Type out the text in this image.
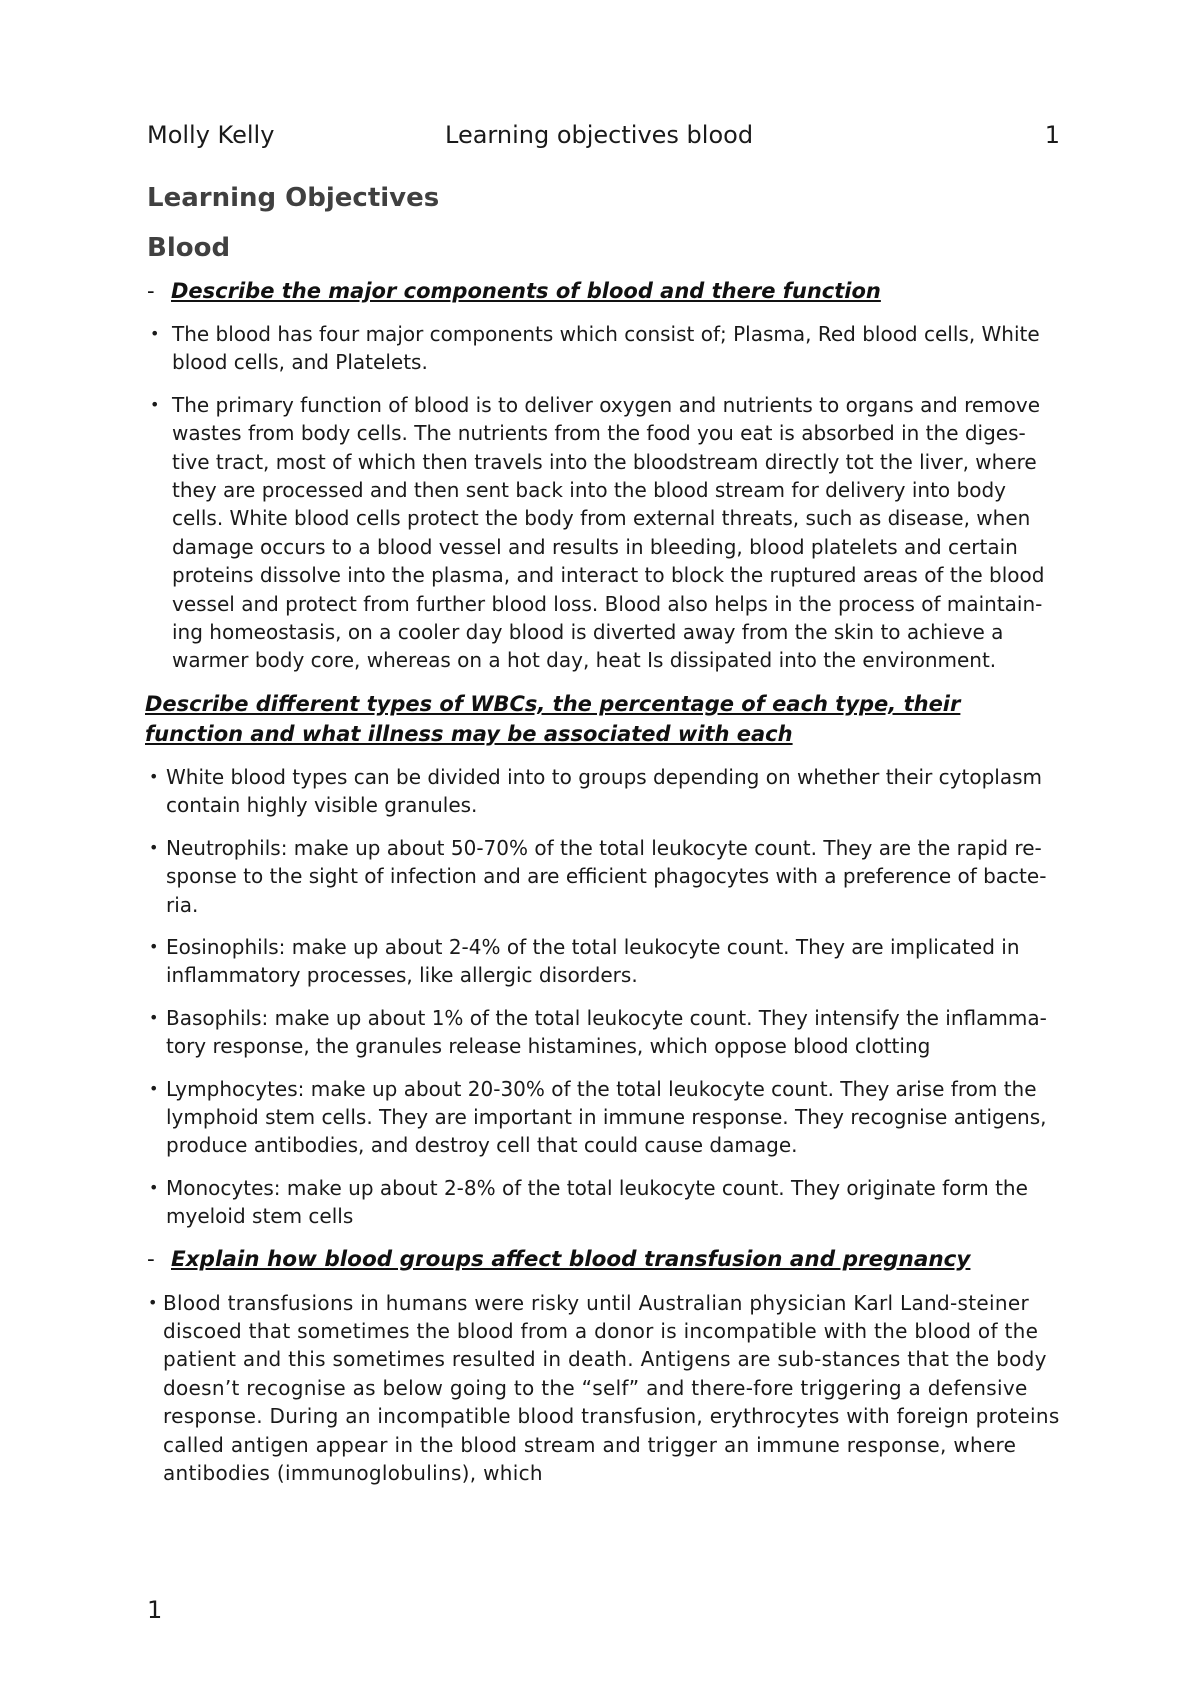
Molly Kelly	Learning objectives blood	1
Learning Objectives
Blood
- Describe the major components of blood and there function
• The blood has four major components which consist of; Plasma, Red blood cells, White blood cells, and Platelets.
• The primary function of blood is to deliver oxygen and nutrients to organs and remove wastes from body cells. The nutrients from the food you eat is absorbed in the diges-tive tract, most of which then travels into the bloodstream directly tot the liver, where they are processed and then sent back into the blood stream for delivery into body cells. White blood cells protect the body from external threats, such as disease, when damage occurs to a blood vessel and results in bleeding, blood platelets and certain proteins dissolve into the plasma, and interact to block the ruptured areas of the blood vessel and protect from further blood loss. Blood also helps in the process of maintain-ing homeostasis, on a cooler day blood is diverted away from the skin to achieve a warmer body core, whereas on a hot day, heat Is dissipated into the environment.
Describe different types of WBCs, the percentage of each type, their function and what illness may be associated with each
• White blood types can be divided into to groups depending on whether their cytoplasm contain highly visible granules.
• Neutrophils: make up about 50-70% of the total leukocyte count. They are the rapid re-sponse to the sight of infection and are efficient phagocytes with a preference of bacte-ria.
• Eosinophils: make up about 2-4% of the total leukocyte count. They are implicated in inflammatory processes, like allergic disorders.
• Basophils: make up about 1% of the total leukocyte count. They intensify the inflamma-tory response, the granules release histamines, which oppose blood clotting
• Lymphocytes: make up about 20-30% of the total leukocyte count. They arise from the lymphoid stem cells. They are important in immune response. They recognise antigens, produce antibodies, and destroy cell that could cause damage.
• Monocytes: make up about 2-8% of the total leukocyte count. They originate form the myeloid stem cells
- Explain how blood groups affect blood transfusion and pregnancy
• Blood transfusions in humans were risky until Australian physician Karl Land-steiner discoed that sometimes the blood from a donor is incompatible with the blood of the patient and this sometimes resulted in death. Antigens are sub-stances that the body doesn’t recognise as below going to the “self” and there-fore triggering a defensive response. During an incompatible blood transfusion, erythrocytes with foreign proteins called antigen appear in the blood stream and trigger an immune response, where antibodies (immunoglobulins), which
1
